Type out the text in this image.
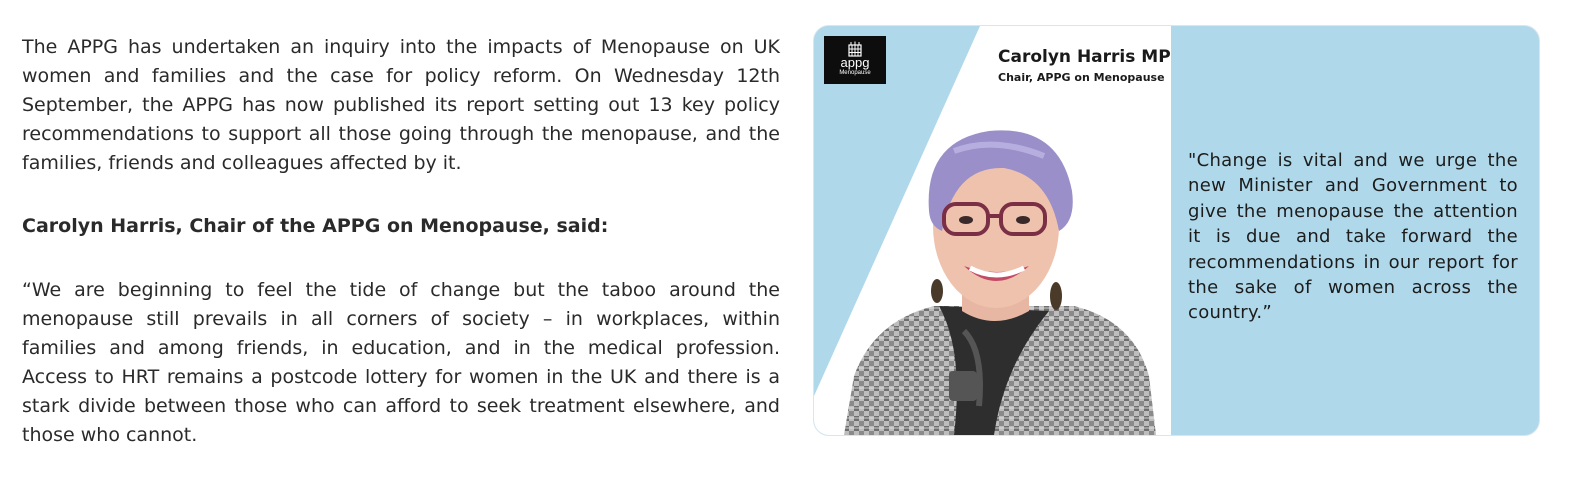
The APPG has undertaken an inquiry into the impacts of Menopause on UK women and families and the case for policy reform. On Wednesday 12th September, the APPG has now published its report setting out 13 key policy recommendations to support all those going through the menopause, and the families, friends and colleagues affected by it.

Carolyn Harris, Chair of the APPG on Menopause, said:

“We are beginning to feel the tide of change but the taboo around the menopause still prevails in all corners of society – in workplaces, within families and among friends, in education, and in the medical profession. Access to HRT remains a postcode lottery for women in the UK and there is a stark divide between those who can afford to seek treatment elsewhere, and those who cannot.

appg
Menopause
Carolyn Harris MP
Chair, APPG on Menopause
"Change is vital and we urge the new Minister and Government to give the menopause the attention it is due and take forward the recommendations in our report for the sake of women across the country.”
